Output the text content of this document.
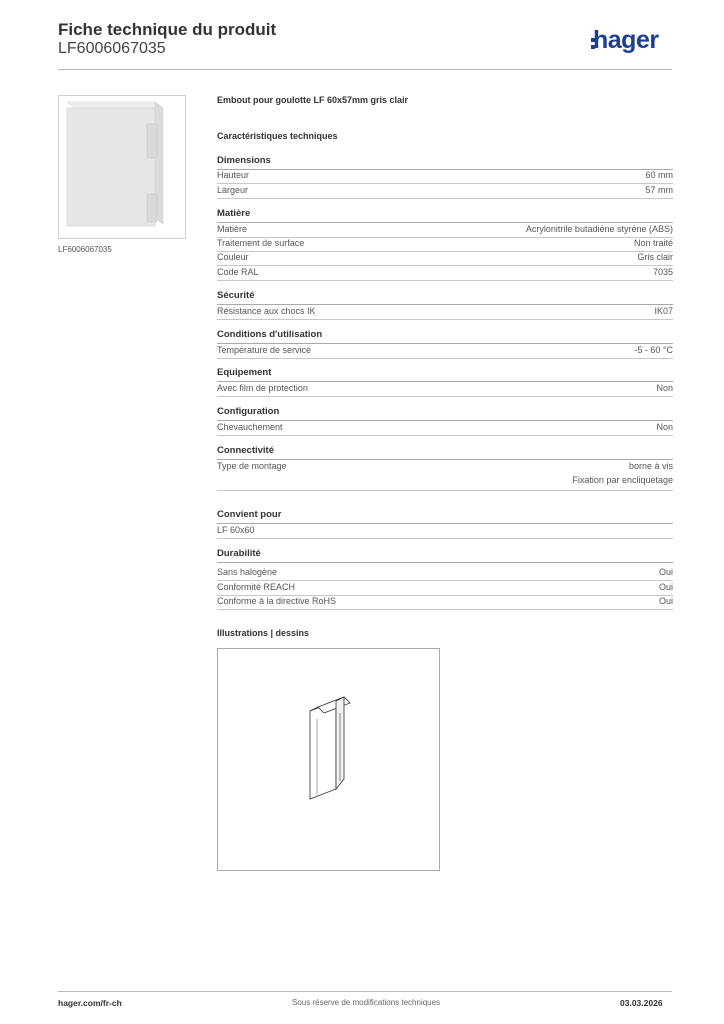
Fiche technique du produit
LF6006067035	hager
LF6006067035
Embout pour goulotte LF 60x57mm gris clair
Caractéristiques techniques
Dimensions
Hauteur	60 mm
Largeur	57 mm
Matière
Matière	Acrylonitrile butadiène styrène (ABS)
Traitement de surface	Non traité
Couleur	Gris clair
Code RAL	7035
Sécurité
Résistance aux chocs IK	IK07
Conditions d'utilisation
Température de service	-5 - 60 °C
Equipement
Avec film de protection	Non
Configuration
Chevauchement	Non
Connectivité
Type de montage	borne à vis
Fixation par encliquetage
Convient pour
LF 60x60
Durabilité
Sans halogène	Oui
Conformité REACH	Oui
Conforme à la directive RoHS	Oui
Illustrations | dessins
hager.com/fr-ch	Sous réserve de modifications techniques	03.03.2026
